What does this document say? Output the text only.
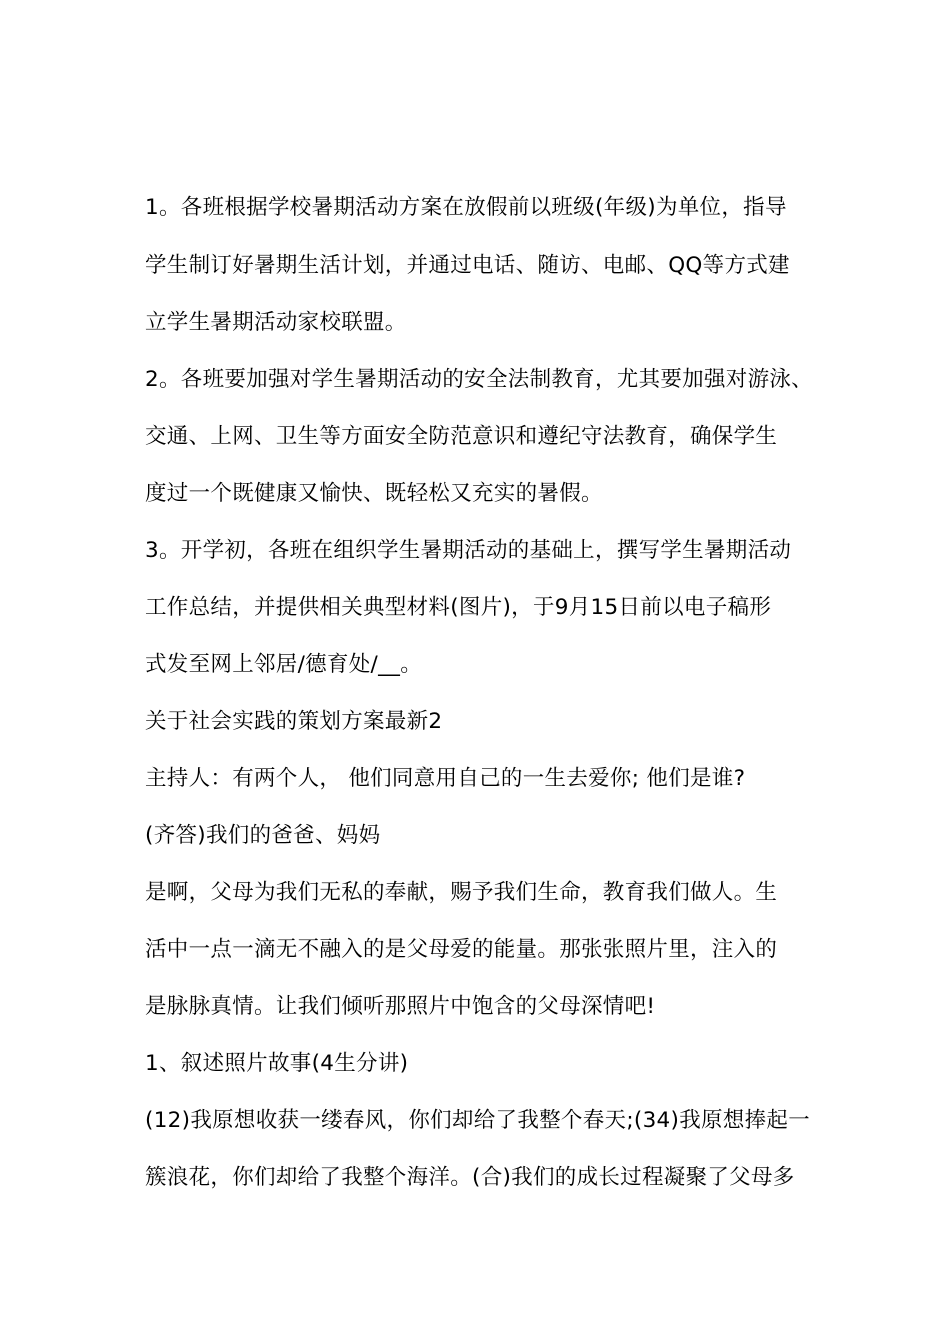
1。各班根据学校暑期活动方案在放假前以班级(年级)为单位，指导
学生制订好暑期生活计划，并通过电话、随访、电邮、QQ等方式建
立学生暑期活动家校联盟。
2。各班要加强对学生暑期活动的安全法制教育，尤其要加强对游泳、
交通、上网、卫生等方面安全防范意识和遵纪守法教育，确保学生
度过一个既健康又愉快、既轻松又充实的暑假。
3。开学初，各班在组织学生暑期活动的基础上，撰写学生暑期活动
工作总结，并提供相关典型材料(图片)，于9月15日前以电子稿形
式发至网上邻居/德育处/__。
关于社会实践的策划方案最新2
主持人：有两个人， 他们同意用自己的一生去爱你; 他们是谁?
(齐答)我们的爸爸、妈妈
是啊，父母为我们无私的奉献，赐予我们生命，教育我们做人。生
活中一点一滴无不融入的是父母爱的能量。那张张照片里，注入的
是脉脉真情。让我们倾听那照片中饱含的父母深情吧!
1、叙述照片故事(4生分讲)
(12)我原想收获一缕春风，你们却给了我整个春天;(34)我原想捧起一
簇浪花，你们却给了我整个海洋。(合)我们的成长过程凝聚了父母多
